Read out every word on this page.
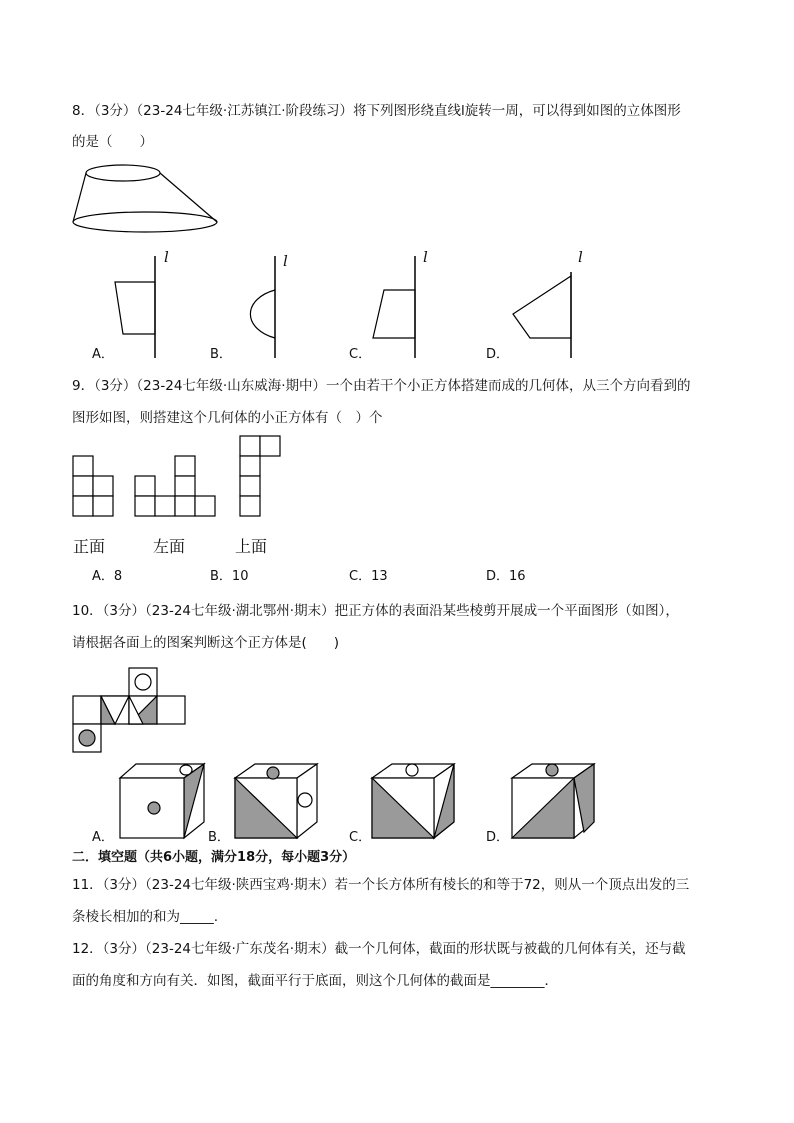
8．（3分）（23-24七年级·江苏镇江·阶段练习）将下列图形绕直线l旋转一周，可以得到如图的立体图形
的是（　　）
l	l	l	l
A．	B．	C．	D．
9．（3分）（23-24七年级·山东威海·期中）一个由若干个小正方体搭建而成的几何体，从三个方向看到的
图形如图，则搭建这个几何体的小正方体有（　）个
正面	左面	上面
A．8	B．10	C．13	D．16
10．（3分）（23-24七年级·湖北鄂州·期末）把正方体的表面沿某些棱剪开展成一个平面图形（如图），
请根据各面上的图案判断这个正方体是(　　)
A．	B．	C．	D．
二．填空题（共6小题，满分18分，每小题3分）
11．（3分）（23-24七年级·陕西宝鸡·期末）若一个长方体所有棱长的和等于72，则从一个顶点出发的三
条棱长相加的和为_____.
12．（3分）（23-24七年级·广东茂名·期末）截一个几何体，截面的形状既与被截的几何体有关，还与截
面的角度和方向有关．如图，截面平行于底面，则这个几何体的截面是________．
